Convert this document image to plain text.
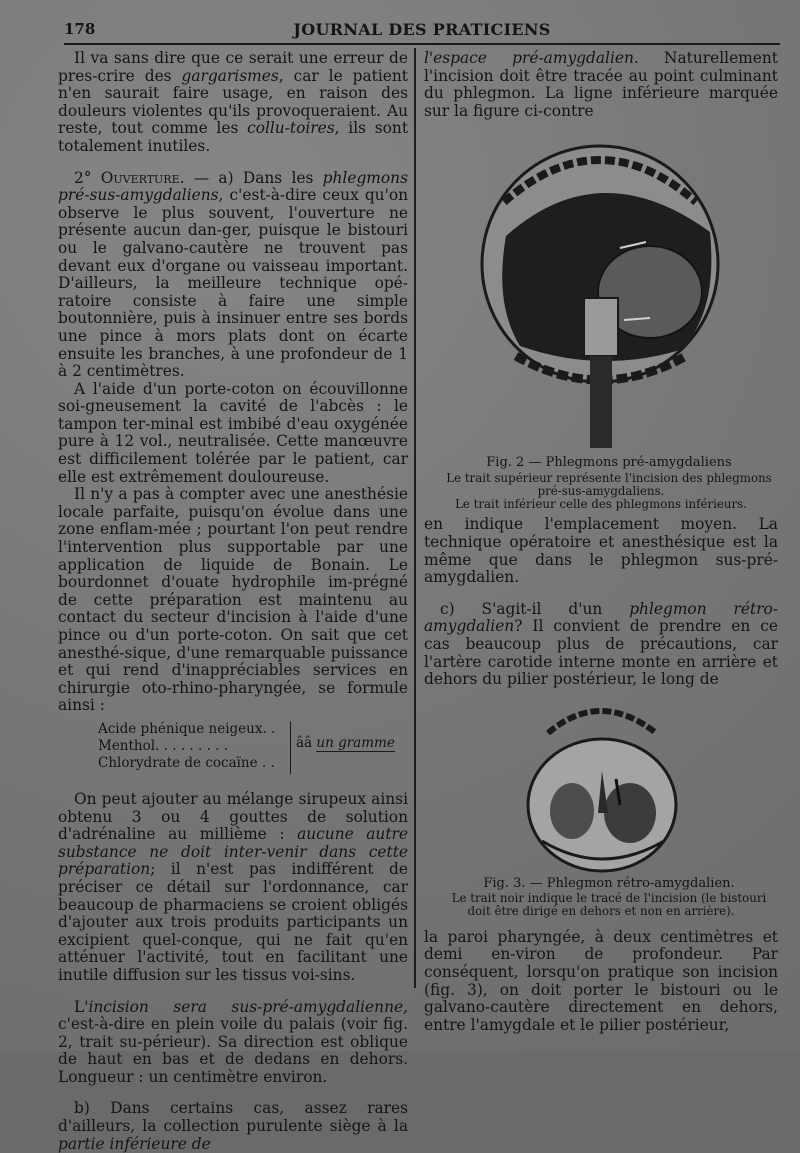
178	JOURNAL DES PRATICIENS

Il va sans dire que ce serait une erreur de pres-crire des gargarismes, car le patient n'en saurait faire usage, en raison des douleurs violentes qu'ils provoqueraient. Au reste, tout comme les collu-toires, ils sont totalement inutiles.

2° Ouverture. — a) Dans les phlegmons pré-sus-amygdaliens, c'est-à-dire ceux qu'on observe le plus souvent, l'ouverture ne présente aucun dan-ger, puisque le bistouri ou le galvano-cautère ne trouvent pas devant eux d'organe ou vaisseau important. D'ailleurs, la meilleure technique opé-ratoire consiste à faire une simple boutonnière, puis à insinuer entre ses bords une pince à mors plats dont on écarte ensuite les branches, à une profondeur de 1 à 2 centimètres.

A l'aide d'un porte-coton on écouvillonne soi-gneusement la cavité de l'abcès : le tampon ter-minal est imbibé d'eau oxygénée pure à 12 vol., neutralisée. Cette manœuvre est difficilement tolérée par le patient, car elle est extrêmement douloureuse.

Il n'y a pas à compter avec une anesthésie locale parfaite, puisqu'on évolue dans une zone enflam-mée ; pourtant l'on peut rendre l'intervention plus supportable par une application de liquide de Bonain. Le bourdonnet d'ouate hydrophile im-prégné de cette préparation est maintenu au contact du secteur d'incision à l'aide d'une pince ou d'un porte-coton. On sait que cet anesthé-sique, d'une remarquable puissance et qui rend d'inappréciables services en chirurgie oto-rhino-pharyngée, se formule ainsi :

Acide phénique neigeux. .
Menthol. . . . . . . . .
Chlorydrate de cocaïne . .
ââ un gramme

On peut ajouter au mélange sirupeux ainsi obtenu 3 ou 4 gouttes de solution d'adrénaline au millième : aucune autre substance ne doit inter-venir dans cette préparation; il n'est pas indifférent de préciser ce détail sur l'ordonnance, car beaucoup de pharmaciens se croient obligés d'ajouter aux trois produits participants un excipient quel-conque, qui ne fait qu'en atténuer l'activité, tout en facilitant une inutile diffusion sur les tissus voi-sins.

L'incision sera sus-pré-amygdalienne, c'est-à-dire en plein voile du palais (voir fig. 2, trait su-périeur). Sa direction est oblique de haut en bas et de dedans en dehors. Longueur : un centimètre environ.

b) Dans certains cas, assez rares d'ailleurs, la collection purulente siège à la partie inférieure de

l'espace pré-amygdalien. Naturellement l'incision doit être tracée au point culminant du phlegmon. La ligne inférieure marquée sur la figure ci-contre

Fig. 2 — Phlegmons pré-amygdaliens

Le trait supérieur représente l'incision des phlegmons pré-sus-amygdaliens.
Le trait inférieur celle des phlegmons inférieurs.

en indique l'emplacement moyen. La technique opératoire et anesthésique est la même que dans le phlegmon sus-pré-amygdalien.

c) S'agit-il d'un phlegmon rétro-amygdalien? Il convient de prendre en ce cas beaucoup plus de précautions, car l'artère carotide interne monte en arrière et dehors du pilier postérieur, le long de

Fig. 3. — Phlegmon rétro-amygdalien.

Le trait noir indique le tracé de l'incision (le bistouri doit être dirigé en dehors et non en arrière).

la paroi pharyngée, à deux centimètres et demi en-viron de profondeur. Par conséquent, lorsqu'on pratique son incision (fig. 3), on doit porter le bistouri ou le galvano-cautère directement en dehors, entre l'amygdale et le pilier postérieur,
